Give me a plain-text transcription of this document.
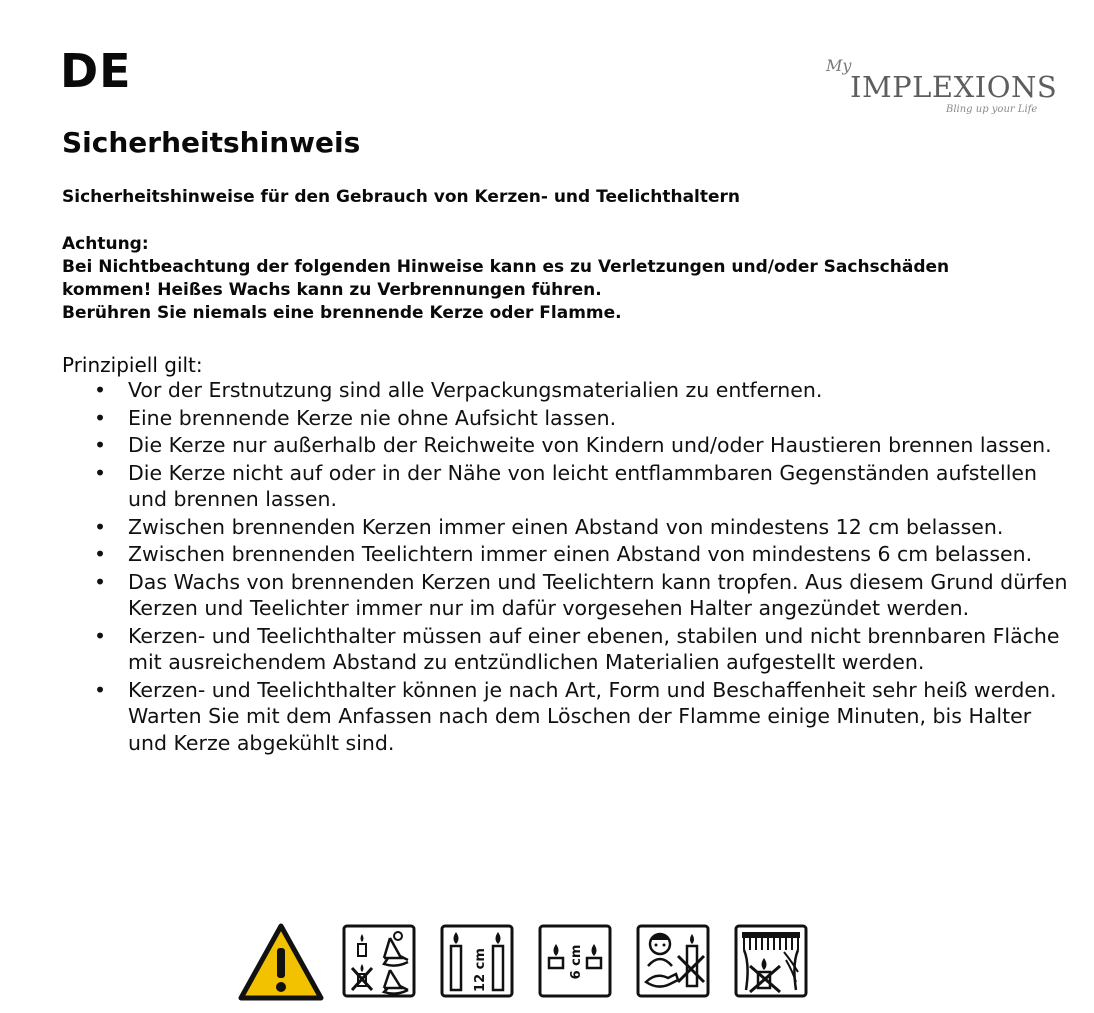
DE	My
IMPLEXIONS
Bling up your Life
Sicherheitshinweis
Sicherheitshinweise für den Gebrauch von Kerzen- und Teelichthaltern
Achtung:
Bei Nichtbeachtung der folgenden Hinweise kann es zu Verletzungen und/oder Sachschäden
kommen! Heißes Wachs kann zu Verbrennungen führen.
Berühren Sie niemals eine brennende Kerze oder Flamme.
Prinzipiell gilt:
• Vor der Erstnutzung sind alle Verpackungsmaterialien zu entfernen.
• Eine brennende Kerze nie ohne Aufsicht lassen.
• Die Kerze nur außerhalb der Reichweite von Kindern und/oder Haustieren brennen lassen.
• Die Kerze nicht auf oder in der Nähe von leicht entflammbaren Gegenständen aufstellen und brennen lassen.
• Zwischen brennenden Kerzen immer einen Abstand von mindestens 12 cm belassen.
• Zwischen brennenden Teelichtern immer einen Abstand von mindestens 6 cm belassen.
• Das Wachs von brennenden Kerzen und Teelichtern kann tropfen. Aus diesem Grund dürfen Kerzen und Teelichter immer nur im dafür vorgesehen Halter angezündet werden.
• Kerzen- und Teelichthalter müssen auf einer ebenen, stabilen und nicht brennbaren Fläche mit ausreichendem Abstand zu entzündlichen Materialien aufgestellt werden.
• Kerzen- und Teelichthalter können je nach Art, Form und Beschaffenheit sehr heiß werden. Warten Sie mit dem Anfassen nach dem Löschen der Flamme einige Minuten, bis Halter und Kerze abgekühlt sind.
12 cm	6 cm
